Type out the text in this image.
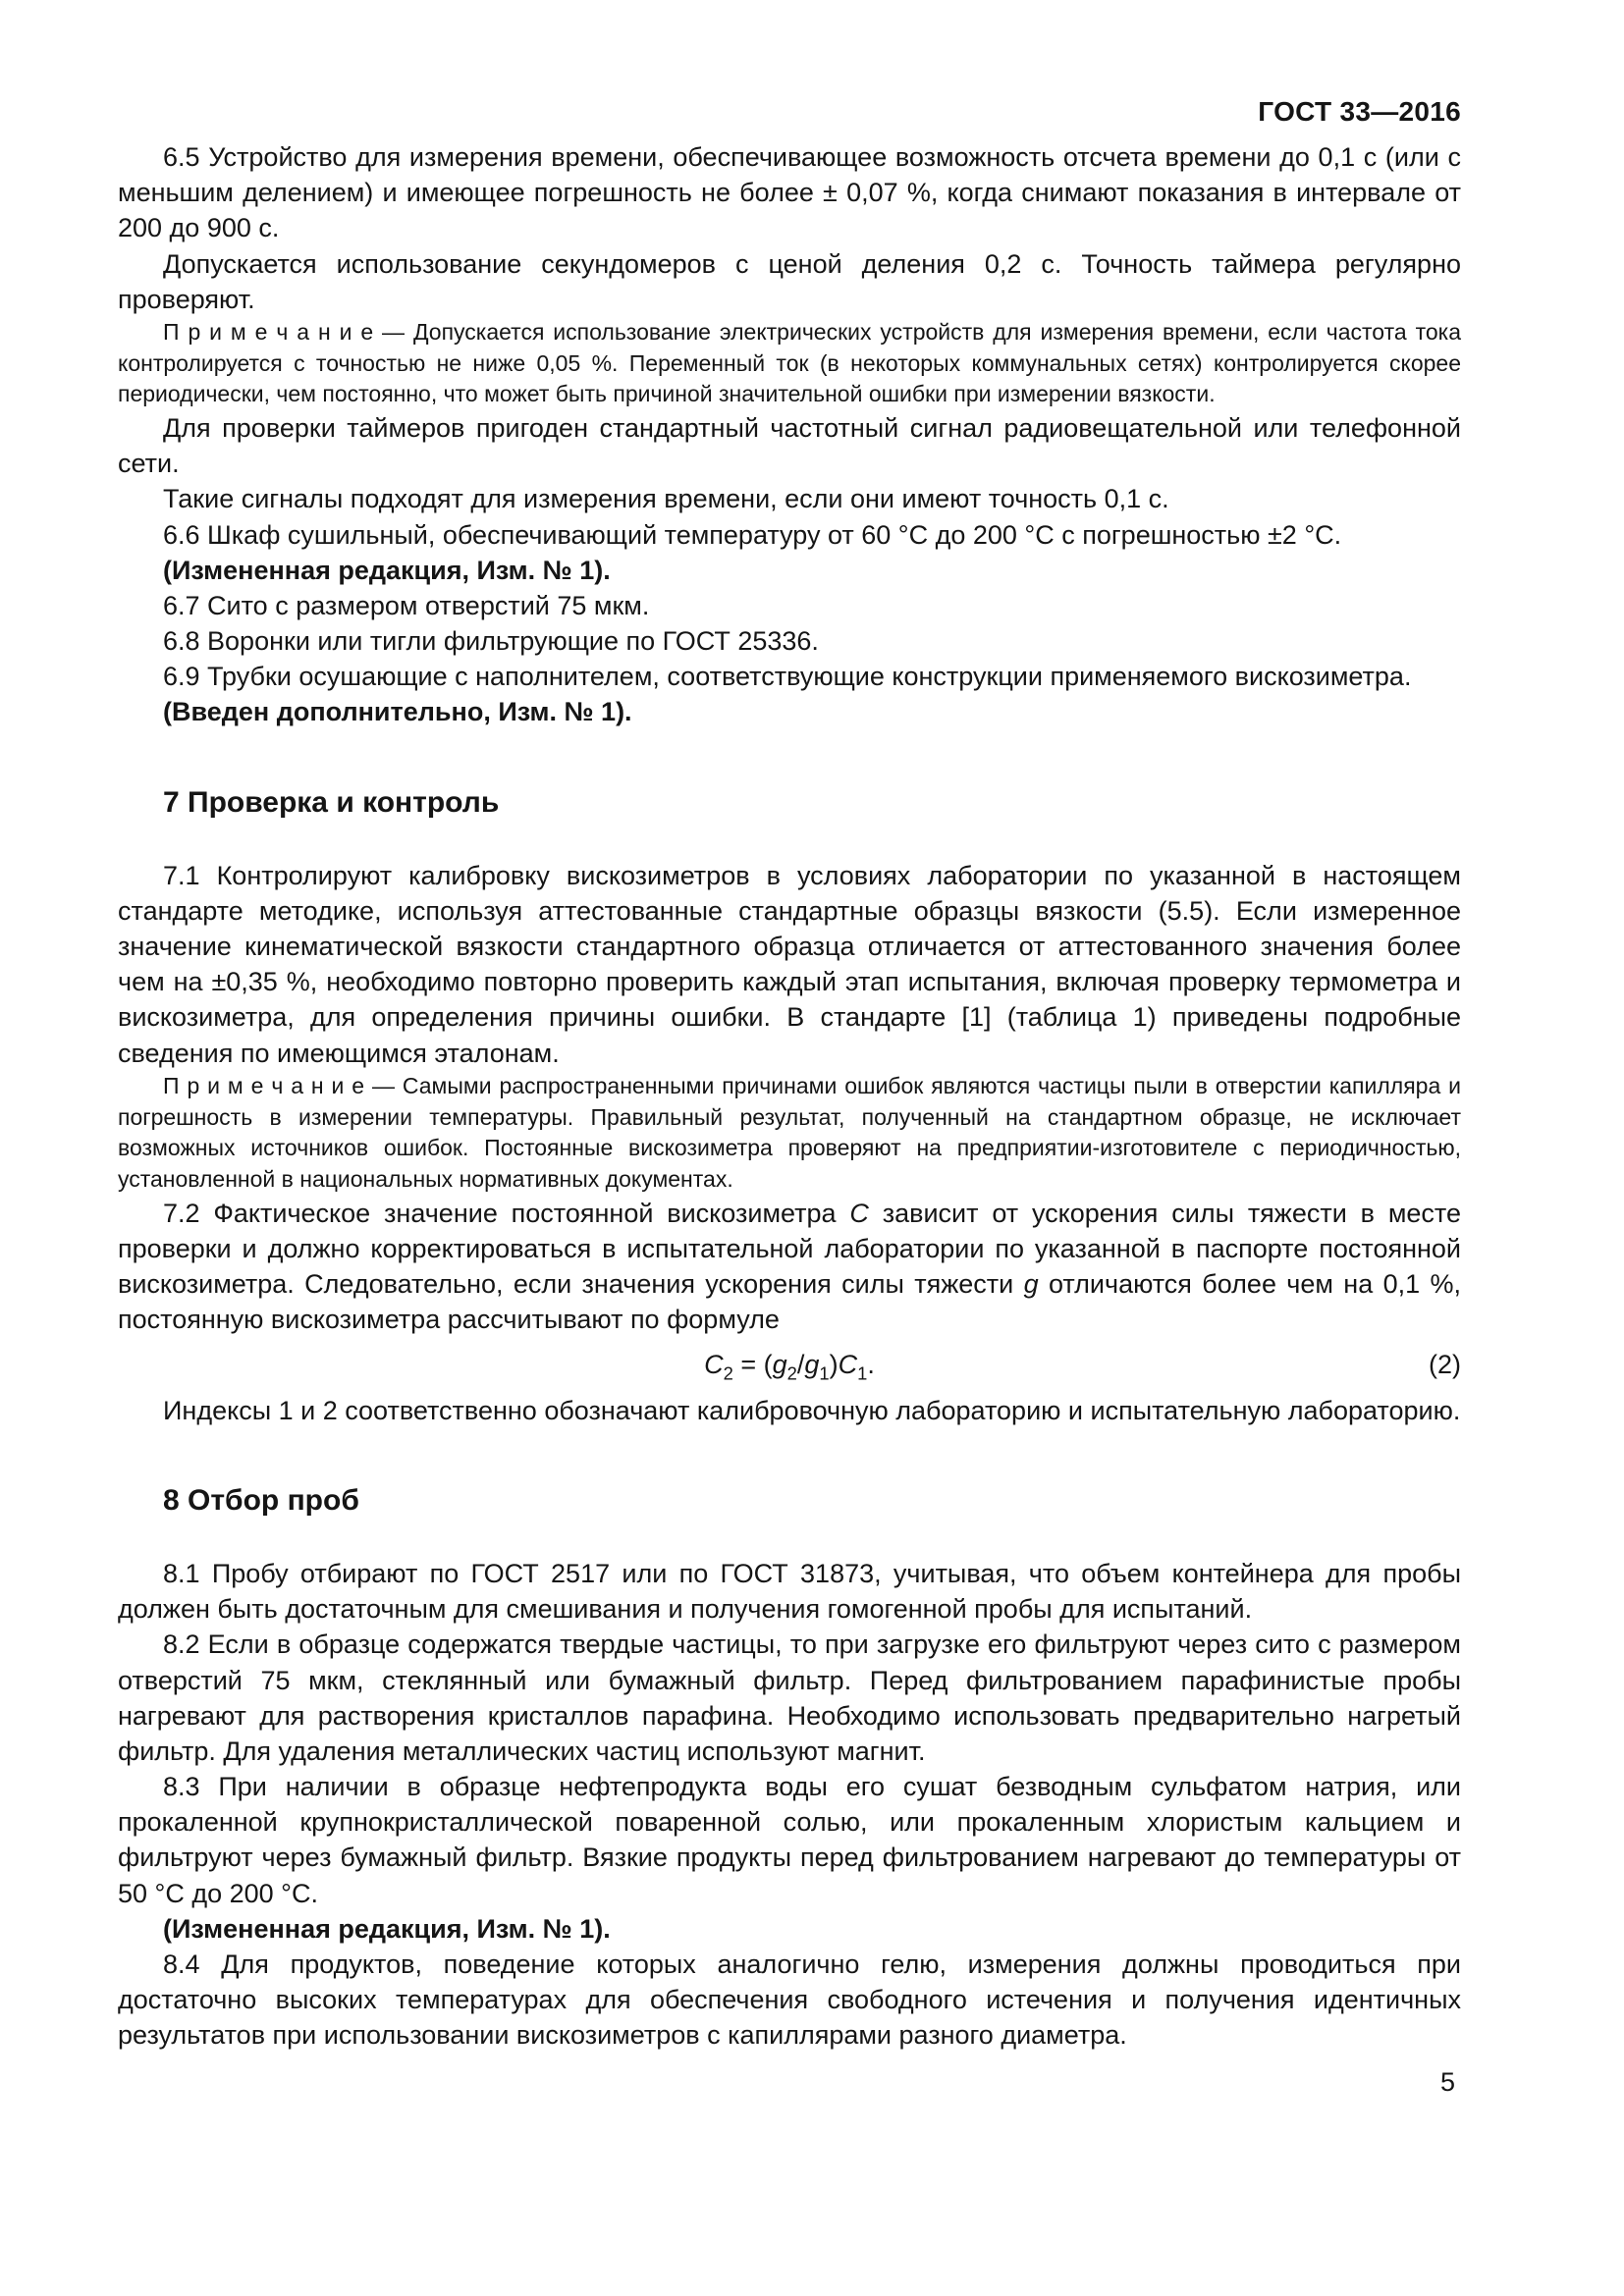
ГОСТ 33—2016

6.5 Устройство для измерения времени, обеспечивающее возможность отсчета времени до 0,1 с (или с меньшим делением) и имеющее погрешность не более ± 0,07 %, когда снимают показания в интервале от 200 до 900 с.

Допускается использование секундомеров с ценой деления 0,2 с. Точность таймера регулярно проверяют.

П р и м е ч а н и е — Допускается использование электрических устройств для измерения времени, если частота тока контролируется с точностью не ниже 0,05 %. Переменный ток (в некоторых коммунальных сетях) контролируется скорее периодически, чем постоянно, что может быть причиной значительной ошибки при измерении вязкости.

Для проверки таймеров пригоден стандартный частотный сигнал радиовещательной или телефонной сети.

Такие сигналы подходят для измерения времени, если они имеют точность 0,1 с.

6.6 Шкаф сушильный, обеспечивающий температуру от 60 °С до 200 °С с погрешностью ±2 °С.

(Измененная редакция, Изм. № 1).

6.7 Сито с размером отверстий 75 мкм.

6.8 Воронки или тигли фильтрующие по ГОСТ 25336.

6.9 Трубки осушающие с наполнителем, соответствующие конструкции применяемого вискозиметра.

(Введен дополнительно, Изм. № 1).

7 Проверка и контроль

7.1 Контролируют калибровку вискозиметров в условиях лаборатории по указанной в настоящем стандарте методике, используя аттестованные стандартные образцы вязкости (5.5). Если измеренное значение кинематической вязкости стандартного образца отличается от аттестованного значения более чем на ±0,35 %, необходимо повторно проверить каждый этап испытания, включая проверку термометра и вискозиметра, для определения причины ошибки. В стандарте [1] (таблица 1) приведены подробные сведения по имеющимся эталонам.

П р и м е ч а н и е — Самыми распространенными причинами ошибок являются частицы пыли в отверстии капилляра и погрешность в измерении температуры. Правильный результат, полученный на стандартном образце, не исключает возможных источников ошибок. Постоянные вискозиметра проверяют на предприятии-изготовителе с периодичностью, установленной в национальных нормативных документах.

7.2 Фактическое значение постоянной вискозиметра C зависит от ускорения силы тяжести в месте проверки и должно корректироваться в испытательной лаборатории по указанной в паспорте постоянной вискозиметра. Следовательно, если значения ускорения силы тяжести g отличаются более чем на 0,1 %, постоянную вискозиметра рассчитывают по формуле

$C_2 = (g_2/g_1)C_1$.	(2)

Индексы 1 и 2 соответственно обозначают калибровочную лабораторию и испытательную лабораторию.

8 Отбор проб

8.1 Пробу отбирают по ГОСТ 2517 или по ГОСТ 31873, учитывая, что объем контейнера для пробы должен быть достаточным для смешивания и получения гомогенной пробы для испытаний.

8.2 Если в образце содержатся твердые частицы, то при загрузке его фильтруют через сито с размером отверстий 75 мкм, стеклянный или бумажный фильтр. Перед фильтрованием парафинистые пробы нагревают для растворения кристаллов парафина. Необходимо использовать предварительно нагретый фильтр. Для удаления металлических частиц используют магнит.

8.3 При наличии в образце нефтепродукта воды его сушат безводным сульфатом натрия, или прокаленной крупнокристаллической поваренной солью, или прокаленным хлористым кальцием и фильтруют через бумажный фильтр. Вязкие продукты перед фильтрованием нагревают до температуры от 50 °С до 200 °С.

(Измененная редакция, Изм. № 1).

8.4 Для продуктов, поведение которых аналогично гелю, измерения должны проводиться при достаточно высоких температурах для обеспечения свободного истечения и получения идентичных результатов при использовании вискозиметров с капиллярами разного диаметра.

5
